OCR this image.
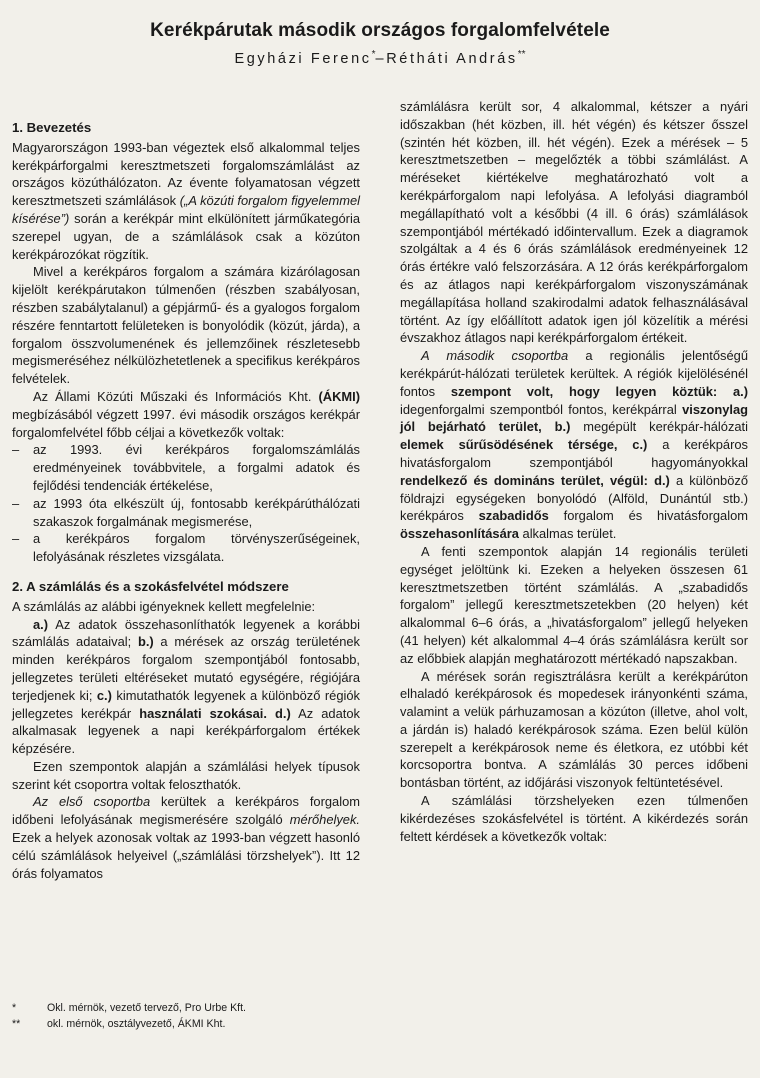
Kerékpárutak második országos forgalomfelvétele
Egyházi Ferenc*–Rétháti András**
1. Bevezetés

Magyarországon 1993-ban végeztek első alkalommal teljes kerékpárforgalmi keresztmetszeti forgalomszámlálást az országos közúthálózaton. Az évente folyamatosan végzett keresztmetszeti számlálások („A közúti forgalom figyelemmel kísérése”) során a kerékpár mint elkülönített járműkategória szerepel ugyan, de a számlálások csak a közúton kerékpározókat rögzítik.

Mivel a kerékpáros forgalom a számára kizárólagosan kijelölt kerékpárutakon túlmenően (részben szabályosan, részben szabálytalanul) a gépjármű- és a gyalogos forgalom részére fenntartott felületeken is bonyolódik (közút, járda), a forgalom összvolumenének és jellemzőinek részletesebb megismeréséhez nélkülözhetetlenek a specifikus kerékpáros felvételek.

Az Állami Közúti Műszaki és Információs Kht. (ÁKMI) megbízásából végzett 1997. évi második országos kerékpár forgalomfelvétel főbb céljai a következők voltak:

– az 1993. évi kerékpáros forgalomszámlálás eredményeinek továbbvitele, a forgalmi adatok és fejlődési tendenciák értékelése,
– az 1993 óta elkészült új, fontosabb kerékpárúthálózati szakaszok forgalmának megismerése,
– a kerékpáros forgalom törvényszerűségeinek, lefolyásának részletes vizsgálata.
2. A számlálás és a szokásfelvétel módszere

A számlálás az alábbi igényeknek kellett megfelelnie:

a.) Az adatok összehasonlíthatók legyenek a korábbi számlálás adataival; b.) a mérések az ország területének minden kerékpáros forgalom szempontjából fontosabb, jellegzetes területi eltéréseket mutató egységére, régiójára terjedjenek ki; c.) kimutathatók legyenek a különböző régiók jellegzetes kerékpár használati szokásai. d.) Az adatok alkalmasak legyenek a napi kerékpárforgalom értékek képzésére.

Ezen szempontok alapján a számlálási helyek típusok szerint két csoportra voltak feloszthatók.

Az első csoportba kerültek a kerékpáros forgalom időbeni lefolyásának megismerésére szolgáló mérőhelyek. Ezek a helyek azonosak voltak az 1993-ban végzett hasonló célú számlálások helyeivel („számlálási törzshelyek”). Itt 12 órás folyamatos

számlálásra került sor, 4 alkalommal, kétszer a nyári időszakban (hét közben, ill. hét végén) és kétszer ősszel (szintén hét közben, ill. hét végén). Ezek a mérések – 5 keresztmetszetben – megelőzték a többi számlálást. A méréseket kiértékelve meghatározható volt a kerékpárforgalom napi lefolyása. A lefolyási diagramból megállapítható volt a későbbi (4 ill. 6 órás) számlálások szempontjából mértékadó időintervallum. Ezek a diagramok szolgáltak a 4 és 6 órás számlálások eredményeinek 12 órás értékre való felszorzására. A 12 órás kerékpárforgalom és az átlagos napi kerékpárforgalom viszonyszámának megállapítása holland szakirodalmi adatok felhasználásával történt. Az így előállított adatok igen jól közelítik a mérési évszakhoz átlagos napi kerékpárforgalom értékeit.

A második csoportba a regionális jelentőségű kerékpárút-hálózati területek kerültek. A régiók kijelölésénél fontos szempont volt, hogy legyen köztük: a.) idegenforgalmi szempontból fontos, kerékpárral viszonylag jól bejárható terület, b.) megépült kerékpár-hálózati elemek sűrűsödésének térsége, c.) a kerékpáros hivatásforgalom szempontjából hagyományokkal rendelkező és domináns terület, végül: d.) a különböző földrajzi egységeken bonyolódó (Alföld, Dunántúl stb.) kerékpáros szabadidős forgalom és hivatásforgalom összehasonlítására alkalmas terület.

A fenti szempontok alapján 14 regionális területi egységet jelöltünk ki. Ezeken a helyeken összesen 61 keresztmetszetben történt számlálás. A „szabadidős forgalom” jellegű keresztmetszetekben (20 helyen) két alkalommal 6–6 órás, a „hivatásforgalom” jellegű helyeken (41 helyen) két alkalommal 4–4 órás számlálásra került sor az előbbiek alapján meghatározott mértékadó napszakban.

A mérések során regisztrálásra került a kerékpárúton elhaladó kerékpárosok és mopedesek irányonkénti száma, valamint a velük párhuzamosan a közúton (illetve, ahol volt, a járdán is) haladó kerékpárosok száma. Ezen belül külön szerepelt a kerékpárosok neme és életkora, ez utóbbi két korcsoportra bontva. A számlálás 30 perces időbeni bontásban történt, az időjárási viszonyok feltüntetésével.

A számlálási törzshelyeken ezen túlmenően kikérdezéses szokásfelvétel is történt. A kikérdezés során feltett kérdések a következők voltak:

*	Okl. mérnök, vezető tervező, Pro Urbe Kft.
**	okl. mérnök, osztályvezető, ÁKMI Kht.
